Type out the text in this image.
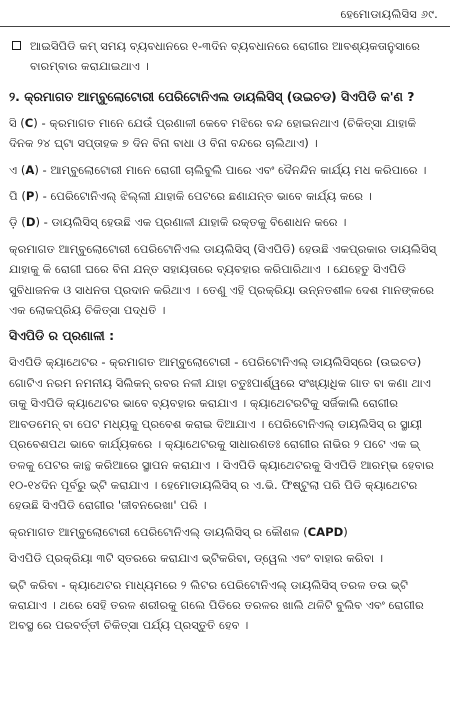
ହେମୋଡାୟଲିସିସ ୬୯.
ଆଇସିପିଡି କମ୍ ସମୟ ବ୍ୟବଧାନରେ ୧-୩ଦିନ ବ୍ୟବଧାନରେ ରୋଗୀର ଆବଶ୍ୟକତାନୁସାରେ ବାରମ୍ବାର କରାଯାଇଥାଏ ।
୨. କ୍ରମାଗତ ଆମ୍ବୁଲୋଟୋରୀ ପେରିଟୋନିଏଲ ଡାୟଲିସିସ୍ (ଉଇଚଡ) ସିଏପିଡି କ'ଣ ?

ସି (C) - କ୍ରମାଗତ ମାନେ ଯେଉଁ ପ୍ରଣାଳୀ କେବେ ମଝିରେ ବନ୍ଦ ହୋଇନଥାଏ (ଚିକିତ୍ସା ଯାହାକି ଦିନକ ୨୪ ଘ୍ଟା ସପ୍ତାହକ ୭ ଦିନ ବିନା ବାଧା ଓ ବିନା ବନ୍ଦରେ ଚାଲିଥାଏ) ।

ଏ (A) - ଆମ୍ବୁଲୋଟୋରୀ ମାନେ ରୋଗୀ ଚାଲିବୁଲି ପାରେ ଏବଂ ଦୈନନ୍ଦିନ କାର୍ଯ୍ୟ ମଧ କରିପାରେ ।

ପି (P) - ପେରିଟୋନିଏଲ୍ ଝିଲ୍ଲୀ ଯାହାକି ପେଟରେ ଛଣାଯନ୍ତ ଭାବେ କାର୍ଯ୍ୟ କରେ ।

ଡ଼ି (D) - ଡାୟଲିସିସ୍ ହେଉଛି ଏକ ପ୍ରଣାଳୀ ଯାହାକି ରକ୍ତକୁ ବିଶୋଧନ କରେ ।

କ୍ରମାଗତ ଆମ୍ବୁଲୋଟୋରୀ ପେରିଟୋନିଏଲ ଡାୟଲିସିସ୍ (ସିଏପିଡି) ହେଉଛି ଏକପ୍ରକାର ଡାୟଲିସିସ୍ ଯାହାକୁ କି ରୋଗୀ ଘରେ ବିନା ଯନ୍ତ ସହାୟତାରେ ବ୍ୟବହାର କରିପାରିଥାଏ । ଯେହେତୁ ସିଏପିଡି ସୁବିଧାଜନକ ଓ ସାଧନତା ପ୍ରଦାନ କରିଥାଏ । ତେଣୁ ଏହି ପ୍ରକ୍ରିୟା ଉନ୍ନତଶୀଳ ଦେଶ ମାନଙ୍କରେ ଏକ ଲୋକପ୍ରିୟ ଚିକିତ୍ସା ପଦ୍ଧତି ।

ସିଏପିଡି ର ପ୍ରଣାଳୀ :

ସିଏପିଡି କ୍ୟାଥେଟର - କ୍ରମାଗତ ଆମ୍ବୁଲୋଟୋରୀ - ପେରିଟୋନିଏଲ୍ ଡାୟଲିସିସ୍‌ରେ (ଉଇଚଡ) ଗୋଟିଏ ନରମ ନମନୀୟ ସିଲିକନ୍ ରବର ନଳୀ ଯାହା ଚତୁଃପାର୍ଶ୍ୱରେ ସଂଖ୍ୟାଧିକ ଗାତ ବା କଣା ଥାଏ ତାକୁ ସିଏପିଡି କ୍ୟାଥେଟର ଭାବେ ବ୍ୟବହାର କରାଯାଏ । କ୍ୟାଥେଟରଟିକୁ ସର୍ଜିକାଲି ରୋଗୀର ଆବଡମେନ୍ ବା ପେଟ ମଧ୍ୟକୁ ପ୍ରବେଶ କରାଇ ଦିଆଯାଏ । ପେରିଟୋନିଏଲ୍ ଡାୟଲିସିସ୍ ର ସ୍ଥାୟୀ ପ୍ରବେଶପଥ ଭାବେ କାର୍ଯ୍ୟକରେ । କ୍ୟାଥେଟରକୁ ସାଧାରଣତଃ ରୋଗୀର ନାଭିର ୨ ପଟେ ଏକ ଇ୍ ତଳକୁ ପେଟର କାନ୍ଥ କରିଆରେ ସ୍ଥାପନ କରାଯାଏ । ସିଏପିଡି କ୍ୟାଥେଟରକୁ ସିଏପିଡି ଆରମ୍ଭ ହେବାର ୧୦-୧୪ଦିନ ପୂର୍ବରୁ ଭ୍ଟି କରାଯାଏ । ହେମୋଡାୟଲିସିସ୍ ର ଏ.ଭି. ଫିଷ୍ଟୁଲା ପରି ପିଡି କ୍ୟାଥେଟର ହେଉଛି ସିଏପିଡି ରୋଗୀର 'ଜୀବନରେଖା' ପରି ।

କ୍ରମାଗତ ଆମ୍ବୁଲୋଟୋରୀ ପେରିଟୋନିଏଲ୍ ଡାୟଲିସିସ୍ ର କୌଶଳ (CAPD)

ସିଏପିଡି ପ୍ରକ୍ରିୟା ୩ଟି ସ୍ତରରେ କରାଯାଏ ଭ୍ଟିକରିବା, ଡ୍ୱେଲ ଏବଂ ବାହାର କରିବା ।

ଭ୍ଟି କରିବା - କ୍ୟାଥେଟର ମାଧ୍ୟମରେ ୨ ଲିଟର ପେରିଟୋନିଏଲ୍ ଡାୟଲିସିସ୍ ତରଳ ତଉ ଭ୍ଟି କରାଯାଏ । ଥରେ ସେହି ତରଳ ଶରୀରକୁ ଗଲେ ପିଡିରେ ତରଳର ଖାଲି ଥଳିଟି ବୁଲିବ ଏବଂ ରୋଗୀର ଅବସ୍ଥ ରେ ପରବର୍ତ୍ତୀ ଚିକିତ୍ସା ପର୍ଯ୍ୟ ପ୍ରସ୍ତୁତି ହେବ ।
